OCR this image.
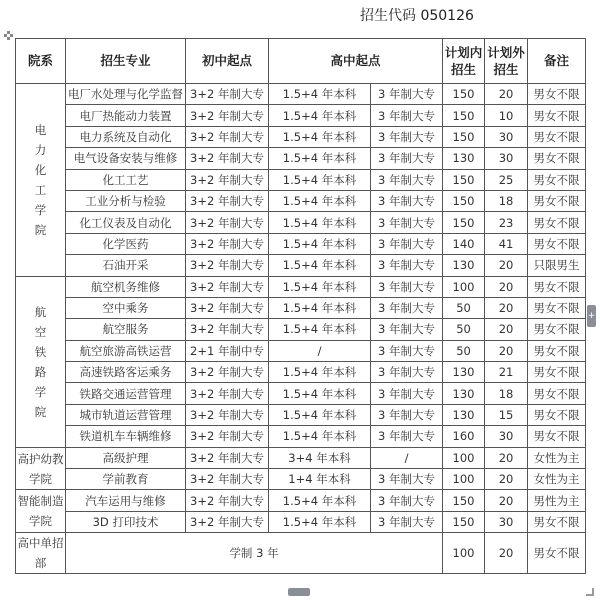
招生代码 050126
院系	招生专业	初中起点	高中起点		计划内招生	计划外招生	备注
电力化工学院	电厂水处理与化学监督	3+2 年制大专	1.5+4 年本科	3 年制大专	150	20	男女不限
	电厂热能动力装置	3+2 年制大专	1.5+4 年本科	3 年制大专	150	10	男女不限
	电力系统及自动化	3+2 年制大专	1.5+4 年本科	3 年制大专	150	30	男女不限
	电气设备安装与维修	3+2 年制大专	1.5+4 年本科	3 年制大专	130	30	男女不限
	化工工艺	3+2 年制大专	1.5+4 年本科	3 年制大专	150	25	男女不限
	工业分析与检验	3+2 年制大专	1.5+4 年本科	3 年制大专	150	18	男女不限
	化工仪表及自动化	3+2 年制大专	1.5+4 年本科	3 年制大专	150	23	男女不限
	化学医药	3+2 年制大专	1.5+4 年本科	3 年制大专	140	41	男女不限
	石油开采	3+2 年制大专	1.5+4 年本科	3 年制大专	130	20	只限男生
航空铁路学院	航空机务维修	3+2 年制大专	1.5+4 年本科	3 年制大专	100	20	男女不限
	空中乘务	3+2 年制大专	1.5+4 年本科	3 年制大专	50	20	男女不限
	航空服务	3+2 年制大专	1.5+4 年本科	3 年制大专	50	20	男女不限
	航空旅游高铁运营	2+1 年制中专	/	3 年制大专	50	20	男女不限
	高速铁路客运乘务	3+2 年制大专	1.5+4 年本科	3 年制大专	130	21	男女不限
	铁路交通运营管理	3+2 年制大专	1.5+4 年本科	3 年制大专	130	18	男女不限
	城市轨道运营管理	3+2 年制大专	1.5+4 年本科	3 年制大专	130	15	男女不限
	铁道机车车辆维修	3+2 年制大专	1.5+4 年本科	3 年制大专	160	30	男女不限
高护幼教学院	高级护理	3+2 年制大专	3+4 年本科	/	100	20	女性为主
	学前教育	3+2 年制大专	1+4 年本科	3 年制大专	100	20	女性为主
智能制造学院	汽车运用与维修	3+2 年制大专	1.5+4 年本科	3 年制大专	150	20	男性为主
	3D 打印技术	3+2 年制大专	1.5+4 年本科	3 年制大专	150	30	男女不限
高中单招部	学制 3 年				100	20	男女不限
+
